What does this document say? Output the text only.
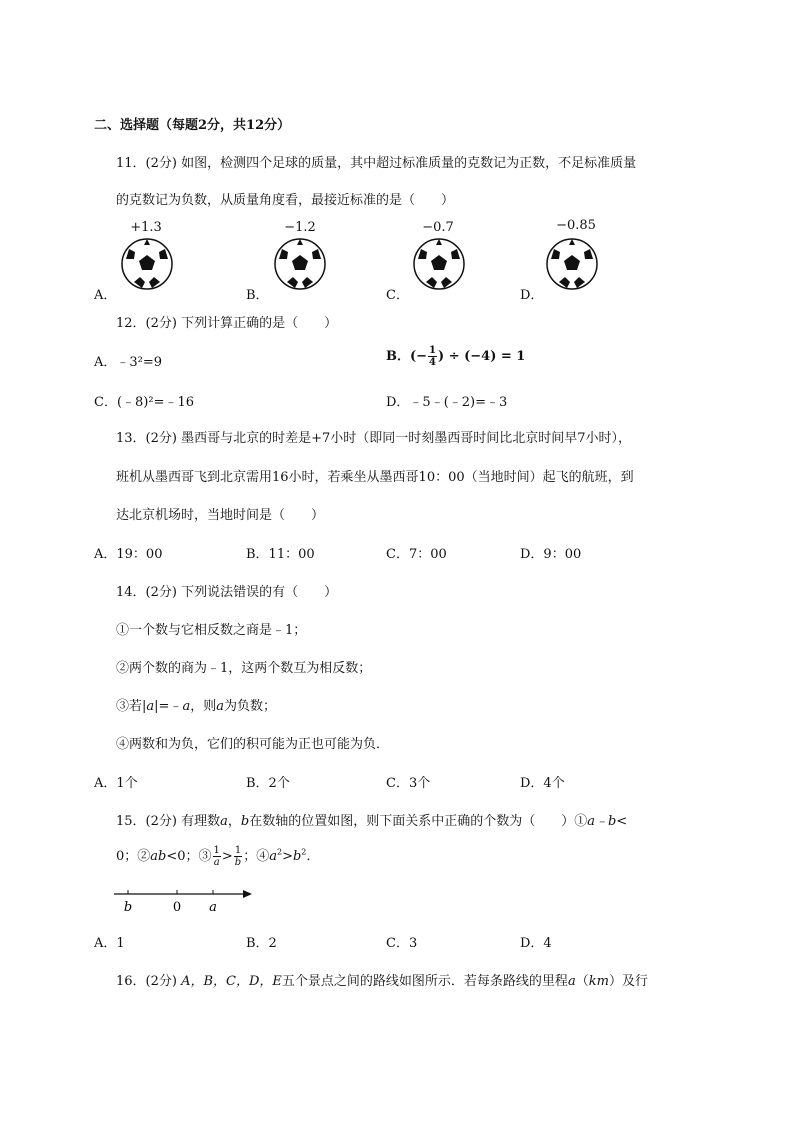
二、选择题（每题2分，共12分）
11．(2分) 如图，检测四个足球的质量，其中超过标准质量的克数记为正数，不足标准质量
的克数记为负数，从质量角度看，最接近标准的是（　　）
+1.3
A．
−1.2
B．
−0.7
C．
−0.85
D．
12．(2分) 下列计算正确的是（　　）
A．﹣3²=9	B．(− $\frac{1}{4}$ ) ÷ (−4) = 1
C．(﹣8)²=﹣16	D．﹣5﹣(﹣2)=﹣3
13．(2分) 墨西哥与北京的时差是+7小时（即同一时刻墨西哥时间比北京时间早7小时），
班机从墨西哥飞到北京需用16小时，若乘坐从墨西哥10：00（当地时间）起飞的航班，到
达北京机场时，当地时间是（　　）
A．19：00	B．11：00	C．7：00	D．9：00
14．(2分) 下列说法错误的有（　　）
①一个数与它相反数之商是﹣1；
②两个数的商为﹣1，这两个数互为相反数；
③若|a|=﹣a，则a为负数；
④两数和为负，它们的积可能为正也可能为负．
A．1个	B．2个	C．3个	D．4个
15．(2分) 有理数a，b在数轴的位置如图，则下面关系中正确的个数为（　　）①a﹣b<
0；②ab<0；③ $\frac{1}{a}> \frac{1}{b}$；$④a^2>b^2$．
b	0 a
A．1	B．2	C．3	D．4
16．(2分) A，B，C，D，E五个景点之间的路线如图所示．若每条路线的里程a（km）及行
